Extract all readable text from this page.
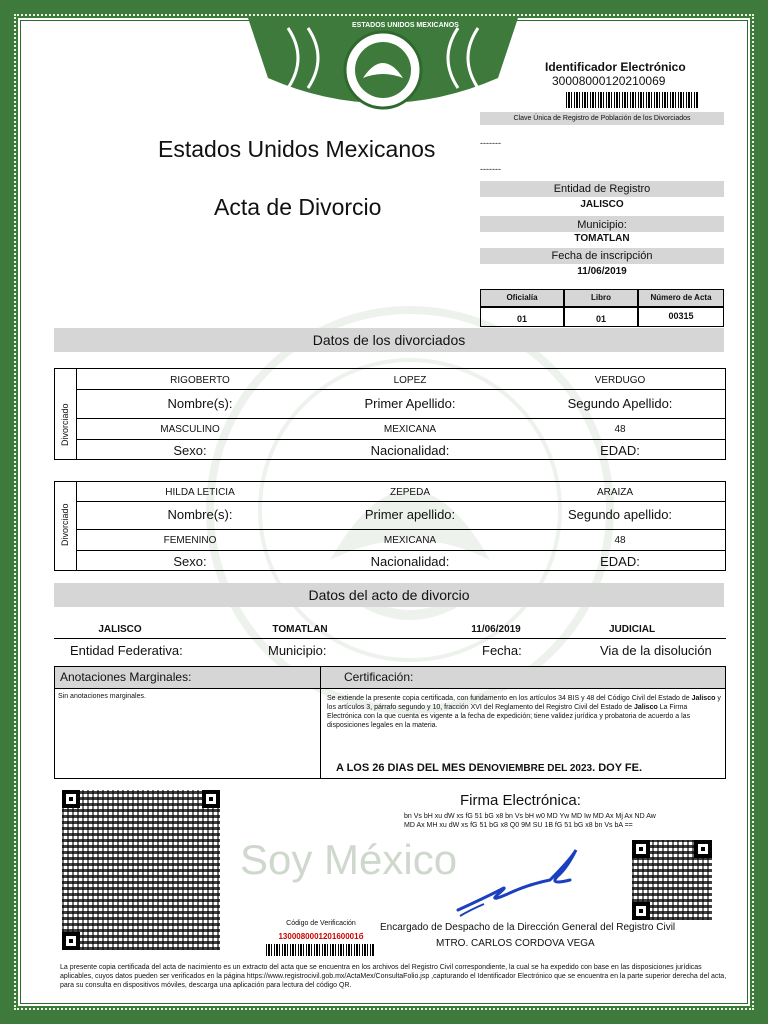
ESTADOS UNIDOS MEXICANOS
Identificador Electrónico
30008000120210069
Clave Única de Registro de Población de los Divorciados
-------
-------
Estados Unidos Mexicanos
Acta de Divorcio
Entidad de Registro
JALISCO
Municipio:
TOMATLAN
Fecha de inscripción
11/06/2019
Oficialía	Libro	Número de Acta
01	01	00315
Datos de los divorciados
Divorciado
RIGOBERTO	LOPEZ	VERDUGO
Nombre(s):	Primer Apellido:	Segundo Apellido:
MASCULINO	MEXICANA	48
Sexo:	Nacionalidad:	EDAD:
Divorciado
HILDA LETICIA	ZEPEDA	ARAIZA
Nombre(s):	Primer apellido:	Segundo apellido:
FEMENINO	MEXICANA	48
Sexo:	Nacionalidad:	EDAD:
Datos del acto de divorcio
JALISCO	TOMATLAN	11/06/2019	JUDICIAL
Entidad Federativa:	Municipio:	Fecha:	Via de la disolución
Anotaciones Marginales:	Certificación:
Sin anotaciones marginales.	Se extiende la presente copia certificada, con fundamento en los artículos 34 BIS y 48 del Código Civil del Estado de Jalisco y los artículos 3, párrafo segundo y 10, fracción XVI del Reglamento del Registro Civil del Estado de Jalisco La Firma Electrónica con la que cuenta es vigente a la fecha de expedición; tiene validez jurídica y probatoria de acuerdo a las disposiciones legales en la materia.
A LOS 26 DIAS DEL MES DENOVIEMBRE DEL 2023. DOY FE.
Soy México
Firma Electrónica:
bn Vs bH xu dW xs fG 51 bG x8 bn Vs bH w0 MD Yw MD Iw MD Ax Mj Ax ND Aw MD Ax MH xu dW xs fG 51 bG x8 Q0 9M SU 1B fG 51 bG x8 bn Vs bA ==
Código de Verificación
130008000120160001б
Encargado de Despacho de la Dirección General del Registro Civil
MTRO. CARLOS CORDOVA VEGA
La presente copia certificada del acta de nacimiento es un extracto del acta que se encuentra en los archivos del Registro Civil correspondiente, la cual se ha expedido con base en las disposiciones jurídicas aplicables, cuyos datos pueden ser verificados en la página https://www.registrocivil.gob.mx/ActaMex/ConsultaFolio.jsp ,capturando el Identificador Electrónico que se encuentra en la parte superior derecha del acta, para su consulta en dispositivos móviles, descarga una aplicación para lectura del código QR.
